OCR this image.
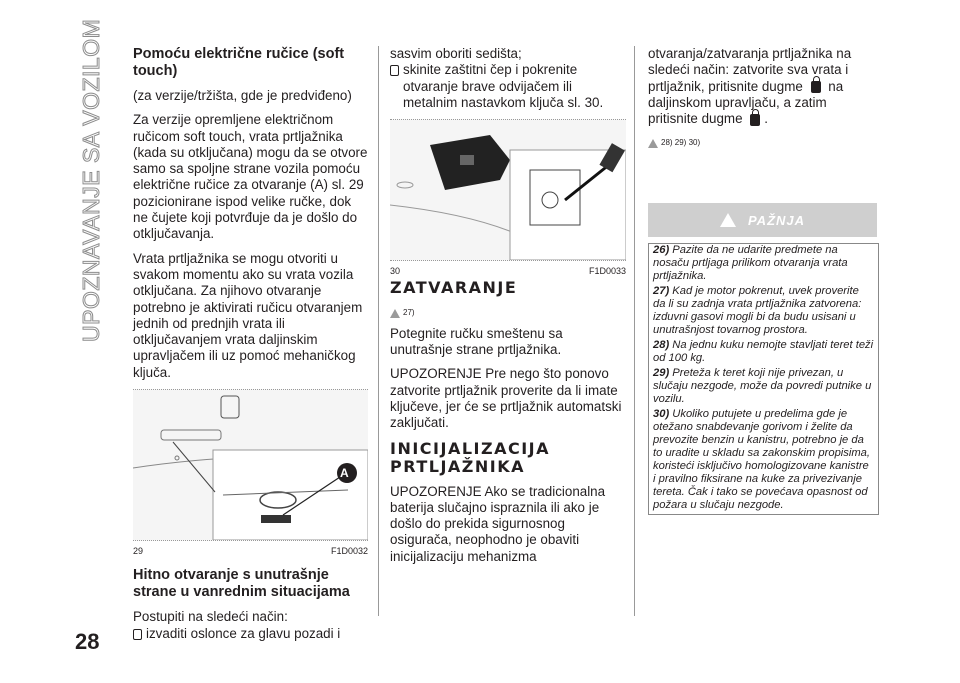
UPOZNAVANJE SA VOZILOM
28

Pomoću električne ručice (soft touch)

(za verzije/tržišta, gde je predviđeno)

Za verzije opremljene električnom ručicom soft touch, vrata prtljažnika (kada su otključana) mogu da se otvore samo sa spoljne strane vozila pomoću električne ručice za otvaranje (A) sl. 29 pozicionirane ispod velike ručke, dok ne čujete koji potvrđuje da je došlo do otključavanja.

Vrata prtljažnika se mogu otvoriti u svakom momentu ako su vrata vozila otključana. Za njihovo otvaranje potrebno je aktivirati ručicu otvaranjem jednih od prednjih vrata ili otključavanjem vrata daljinskim upravljačem ili uz pomoć mehaničkog ključa.

A
29	F1D0032

Hitno otvaranje s unutrašnje strane u vanrednim situacijama

Postupiti na sledeći način:

izvaditi oslonce za glavu pozadi i

sasvim oboriti sedišta;

skinite zaštitni čep i pokrenite otvaranje brave odvijačem ili metalnim nastavkom ključa sl. 30.
30	F1D0033

ZATVARANJE

27)

Potegnite ručku smeštenu sa unutrašnje strane prtljažnika.

UPOZORENJE Pre nego što ponovo zatvorite prtljažnik proverite da li imate ključeve, jer će se prtljažnik automatski zaključati.

INICIJALIZACIJA PRTLJAŽNIKA

UPOZORENJE Ako se tradicionalna baterija slučajno ispraznila ili ako je došlo do prekida sigurnosnog osigurača, neophodno je obaviti inicijalizaciju mehanizma

otvaranja/zatvaranja prtljažnika na sledeći način: zatvorite sva vrata i prtljažnik, pritisnite dugme na daljinskom upravljaču, a zatim pritisnite dugme .

28) 29) 30)
PAŽNJA

26) Pazite da ne udarite predmete na nosaču prtljaga prilikom otvaranja vrata prtljažnika.

27) Kad je motor pokrenut, uvek proverite da li su zadnja vrata prtljažnika zatvorena: izduvni gasovi mogli bi da budu usisani u unutrašnjost tovarnog prostora.

28) Na jednu kuku nemojte stavljati teret teži od 100 kg.

29) Preteža k teret koji nije privezan, u slučaju nezgode, može da povredi putnike u vozilu.

30) Ukoliko putujete u predelima gde je otežano snabdevanje gorivom i želite da prevozite benzin u kanistru, potrebno je da to uradite u skladu sa zakonskim propisima, koristeći isključivo homologizovane kanistre i pravilno fiksirane na kuke za privezivanje tereta. Čak i tako se povećava opasnost od požara u slučaju nezgode.
